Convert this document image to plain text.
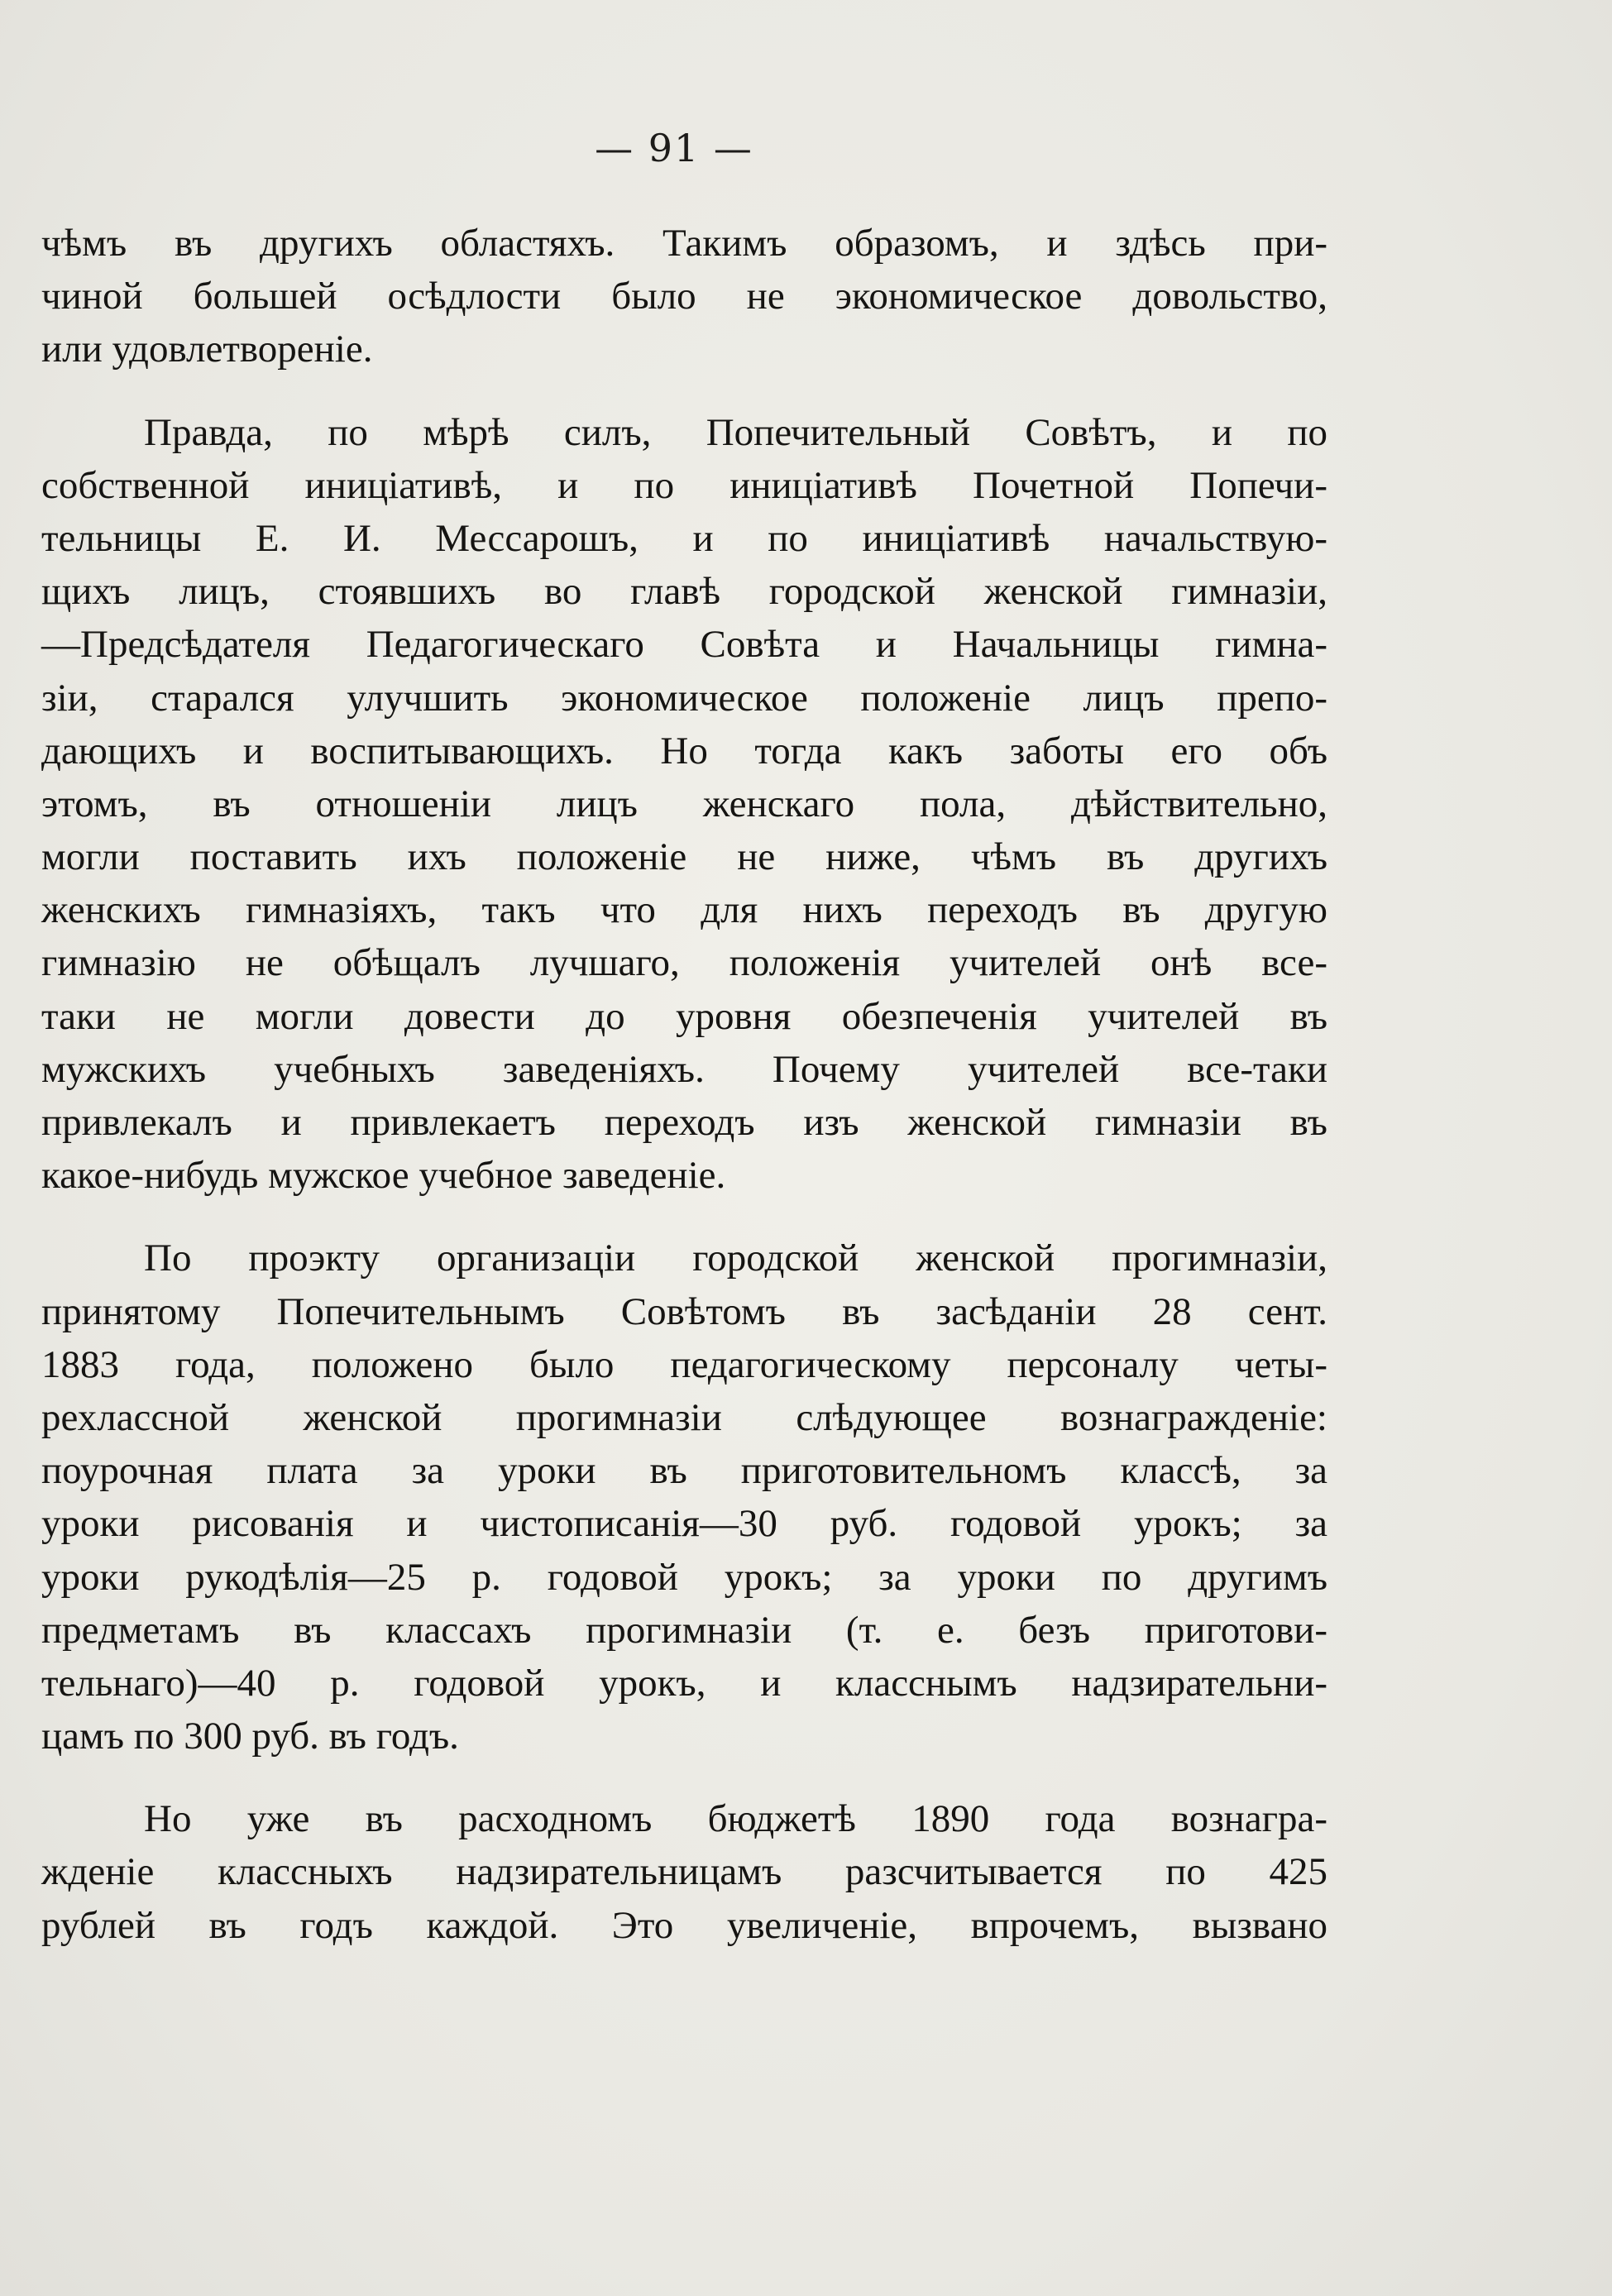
— 91 —
чѣмъ въ другихъ областяхъ. Такимъ образомъ, и здѣсь при-
чиной большей осѣдлости было не экономическое довольство,
или удовлетвореніе.
Правда, по мѣрѣ силъ, Попечительный Совѣтъ, и по
собственной иниціативѣ, и по иниціативѣ Почетной Попечи-
тельницы Е. И. Мессарошъ, и по иниціативѣ начальствую-
щихъ лицъ, стоявшихъ во главѣ городской женской гимназіи,
—Предсѣдателя Педагогическаго Совѣта и Начальницы гимна-
зіи, старался улучшить экономическое положеніе лицъ препо-
дающихъ и воспитывающихъ. Но тогда какъ заботы его объ
этомъ, въ отношеніи лицъ женскаго пола, дѣйствительно,
могли поставить ихъ положеніе не ниже, чѣмъ въ другихъ
женскихъ гимназіяхъ, такъ что для нихъ переходъ въ другую
гимназію не обѣщалъ лучшаго, положенія учителей онѣ все-
таки не могли довести до уровня обезпеченія учителей въ
мужскихъ учебныхъ заведеніяхъ. Почему учителей все-таки
привлекалъ и привлекаетъ переходъ изъ женской гимназіи въ
какое-нибудь мужское учебное заведеніе.
По проэкту организаціи городской женской прогимназіи,
принятому Попечительнымъ Совѣтомъ въ засѣданіи 28 сент.
1883 года, положено было педагогическому персоналу четы-
рехлассной женской прогимназіи слѣдующее вознагражденіе:
поурочная плата за уроки въ приготовительномъ классѣ, за
уроки рисованія и чистописанія—30 руб. годовой урокъ; за
уроки рукодѣлія—25 р. годовой урокъ; за уроки по другимъ
предметамъ въ классахъ прогимназіи (т. е. безъ приготови-
тельнаго)—40 р. годовой урокъ, и класснымъ надзирательни-
цамъ по 300 руб. въ годъ.
Но уже въ расходномъ бюджетѣ 1890 года вознагра-
жденіе классныхъ надзирательницамъ разсчитывается по 425
рублей въ годъ каждой. Это увеличеніе, впрочемъ, вызвано
